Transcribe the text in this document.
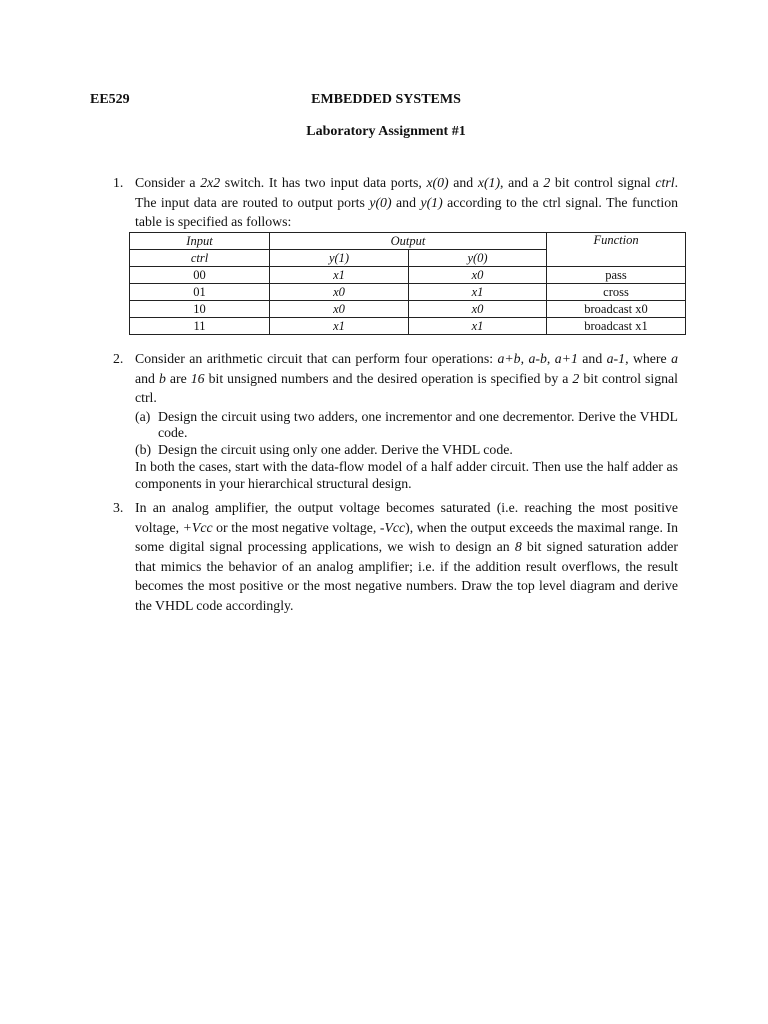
EE529	EMBEDDED SYSTEMS
Laboratory Assignment #1
1. Consider a 2x2 switch. It has two input data ports, x(0) and x(1), and a 2 bit control signal ctrl. The input data are routed to output ports y(0) and y(1) according to the ctrl signal. The function table is specified as follows:

Input	Output		Function
ctrl	y(1)	y(0)	
00	x1	x0	pass
01	x0	x1	cross
10	x0	x0	broadcast x0
11	x1	x1	broadcast x1
2. Consider an arithmetic circuit that can perform four operations: a+b, a-b, a+1 and a-1, where a and b are 16 bit unsigned numbers and the desired operation is specified by a 2 bit control signal ctrl.

(a) Design the circuit using two adders, one incrementor and one decrementor. Derive the VHDL code.
(b) Design the circuit using only one adder. Derive the VHDL code.

In both the cases, start with the data-flow model of a half adder circuit. Then use the half adder as components in your hierarchical structural design.

3. In an analog amplifier, the output voltage becomes saturated (i.e. reaching the most positive voltage, +Vcc or the most negative voltage, -Vcc), when the output exceeds the maximal range. In some digital signal processing applications, we wish to design an 8 bit signed saturation adder that mimics the behavior of an analog amplifier; i.e. if the addition result overflows, the result becomes the most positive or the most negative numbers. Draw the top level diagram and derive the VHDL code accordingly.
